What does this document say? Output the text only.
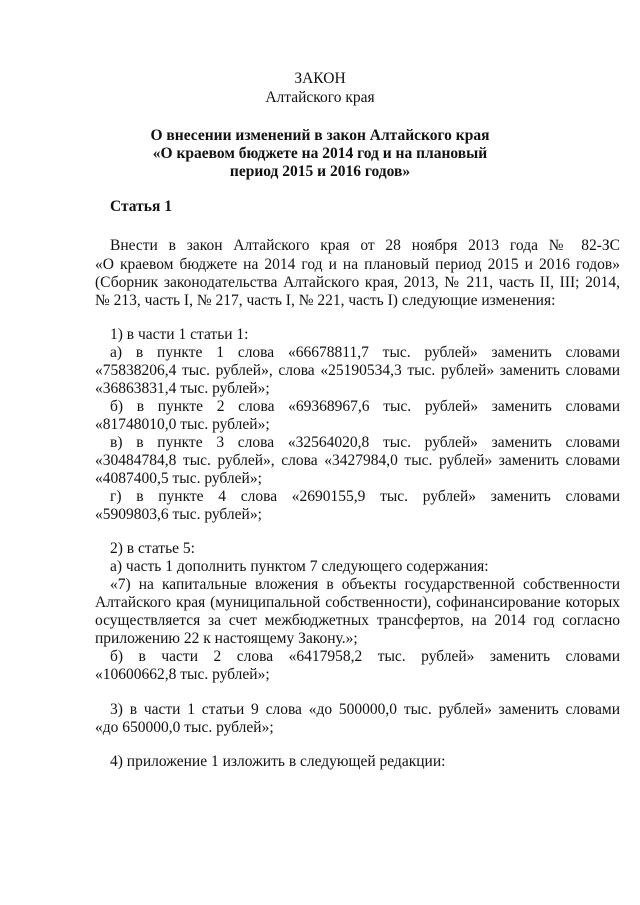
ЗАКОН
Алтайского края
О внесении изменений в закон Алтайского края
«О краевом бюджете на 2014 год и на плановый
период 2015 и 2016 годов»
Статья 1
Внести в закон Алтайского края от 28 ноября 2013 года № 82-ЗС
«О краевом бюджете на 2014 год и на плановый период 2015 и 2016 годов»
(Сборник законодательства Алтайского края, 2013, № 211, часть II, III; 2014,
№ 213, часть I, № 217, часть I, № 221, часть I) следующие изменения:
1) в части 1 статьи 1:
а) в пункте 1 слова «66678811,7 тыс. рублей» заменить словами
«75838206,4 тыс. рублей», слова «25190534,3 тыс. рублей» заменить словами
«36863831,4 тыс. рублей»;
б) в пункте 2 слова «69368967,6 тыс. рублей» заменить словами
«81748010,0 тыс. рублей»;
в) в пункте 3 слова «32564020,8 тыс. рублей» заменить словами
«30484784,8 тыс. рублей», слова «3427984,0 тыс. рублей» заменить словами
«4087400,5 тыс. рублей»;
г) в пункте 4 слова «2690155,9 тыс. рублей» заменить словами
«5909803,6 тыс. рублей»;
2) в статье 5:
а) часть 1 дополнить пунктом 7 следующего содержания:
«7) на капитальные вложения в объекты государственной собственности
Алтайского края (муниципальной собственности), софинансирование которых
осуществляется за счет межбюджетных трансфертов, на 2014 год согласно
приложению 22 к настоящему Закону.»;
б) в части 2 слова «6417958,2 тыс. рублей» заменить словами
«10600662,8 тыс. рублей»;
3) в части 1 статьи 9 слова «до 500000,0 тыс. рублей» заменить словами
«до 650000,0 тыс. рублей»;
4) приложение 1 изложить в следующей редакции:
